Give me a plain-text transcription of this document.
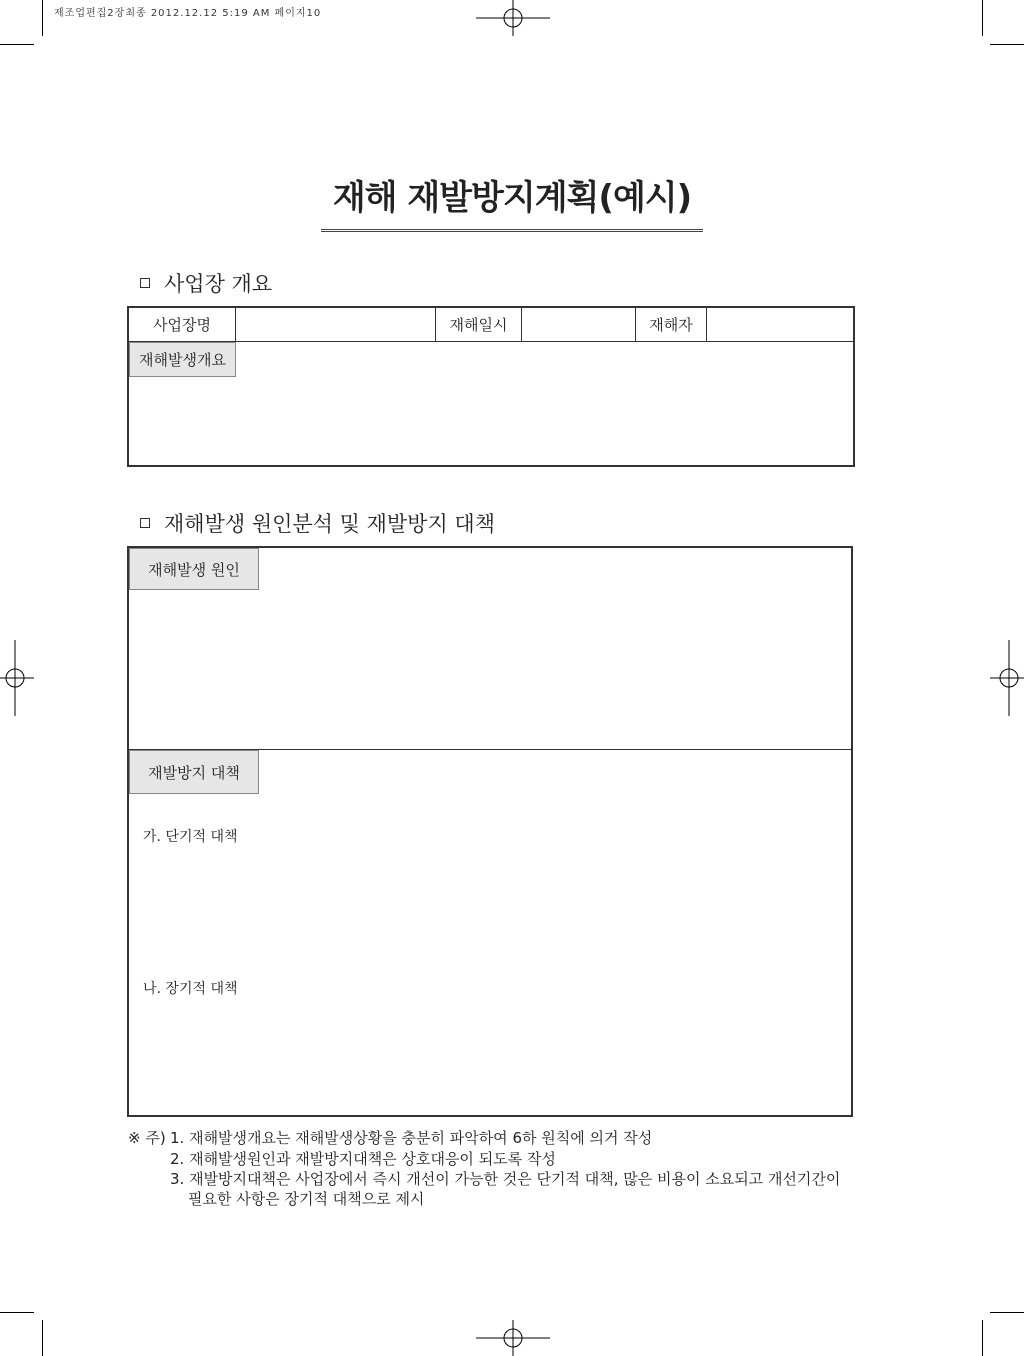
제조업편집2장최종 2012.12.12 5:19 AM 페이지10
재해 재발방지계획(예시)
사업장 개요
사업장명	재해일시	재해자
재해발생개요
재해발생 원인분석 및 재발방지 대책
재해발생 원인
재발방지 대책
가. 단기적 대책
나. 장기적 대책
※ 주) 1. 재해발생개요는 재해발생상황을 충분히 파악하여 6하 원칙에 의거 작성
2. 재해발생원인과 재발방지대책은 상호대응이 되도록 작성
3. 재발방지대책은 사업장에서 즉시 개선이 가능한 것은 단기적 대책, 많은 비용이 소요되고 개선기간이
필요한 사항은 장기적 대책으로 제시
